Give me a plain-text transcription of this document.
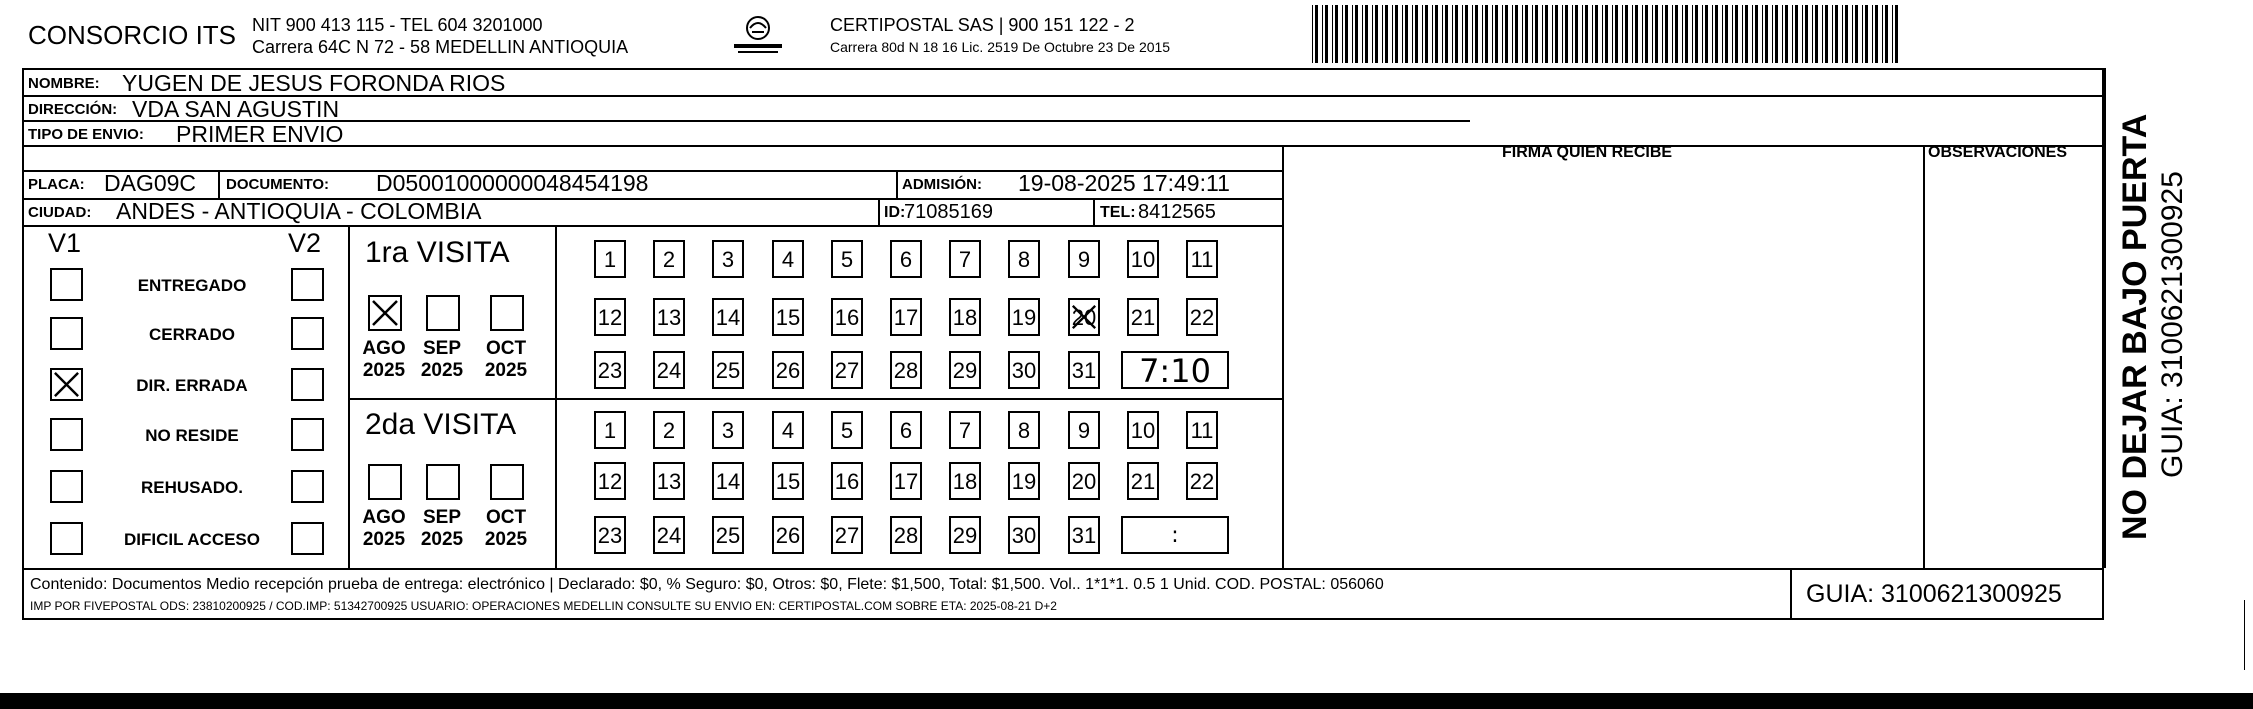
CONSORCIO ITS NIT 900 413 115 - TEL 604 3201000
Carrera 64C N 72 - 58 MEDELLIN ANTIOQUIA
CERTIPOSTAL SAS | 900 151 122 - 2
Carrera 80d N 18 16 Lic. 2519 De Octubre 23 De 2015
NOMBRE: YUGEN DE JESUS FORONDA RIOS
DIRECCIÓN: VDA SAN AGUSTIN
TIPO DE ENVIO: PRIMER ENVIO
FIRMA QUIEN RECIBE	OBSERVACIONES
PLACA: DAG09C DOCUMENTO: D05001000000048454198	ADMISIÓN: 19-08-2025 17:49:11
CIUDAD: ANDES - ANTIOQUIA - COLOMBIA	ID:
71085169	TEL: 8412565
V1	V2
ENTREGADO
CERRADO
DIR. ERRADA
NO RESIDE
REHUSADO.
DIFICIL ACCESO
1ra VISITA
AGO
2025
SEP
2025
OCT
2025
1	2	3	4	5	6	7	8	9	10 11
12 13 14 15 16 17 18 19 20 21 22
23 24 25 26 27 28 29 30 31	7:10
2da VISITA
AGO
2025
SEP
2025
OCT
2025
1	2	3	4	5	6	7	8	9	10 11
12 13 14 15 16 17 18 19 20 21 22
23 24 25 26 27 28 29 30 31	:
Contenido: Documentos Medio recepción prueba de entrega: electrónico | Declarado: $0, % Seguro: $0, Otros: $0, Flete: $1,500, Total: $1,500. Vol.. 1*1*1. 0.5 1 Unid. COD. POSTAL: 056060
IMP POR FIVEPOSTAL ODS: 23810200925 / COD.IMP: 51342700925 USUARIO: OPERACIONES MEDELLIN CONSULTE SU ENVIO EN: CERTIPOSTAL.COM SOBRE ETA: 2025-08-21 D+2	GUIA: 3100621300925
NO DEJAR BAJO PUERTA GUIA: 3100621300925
